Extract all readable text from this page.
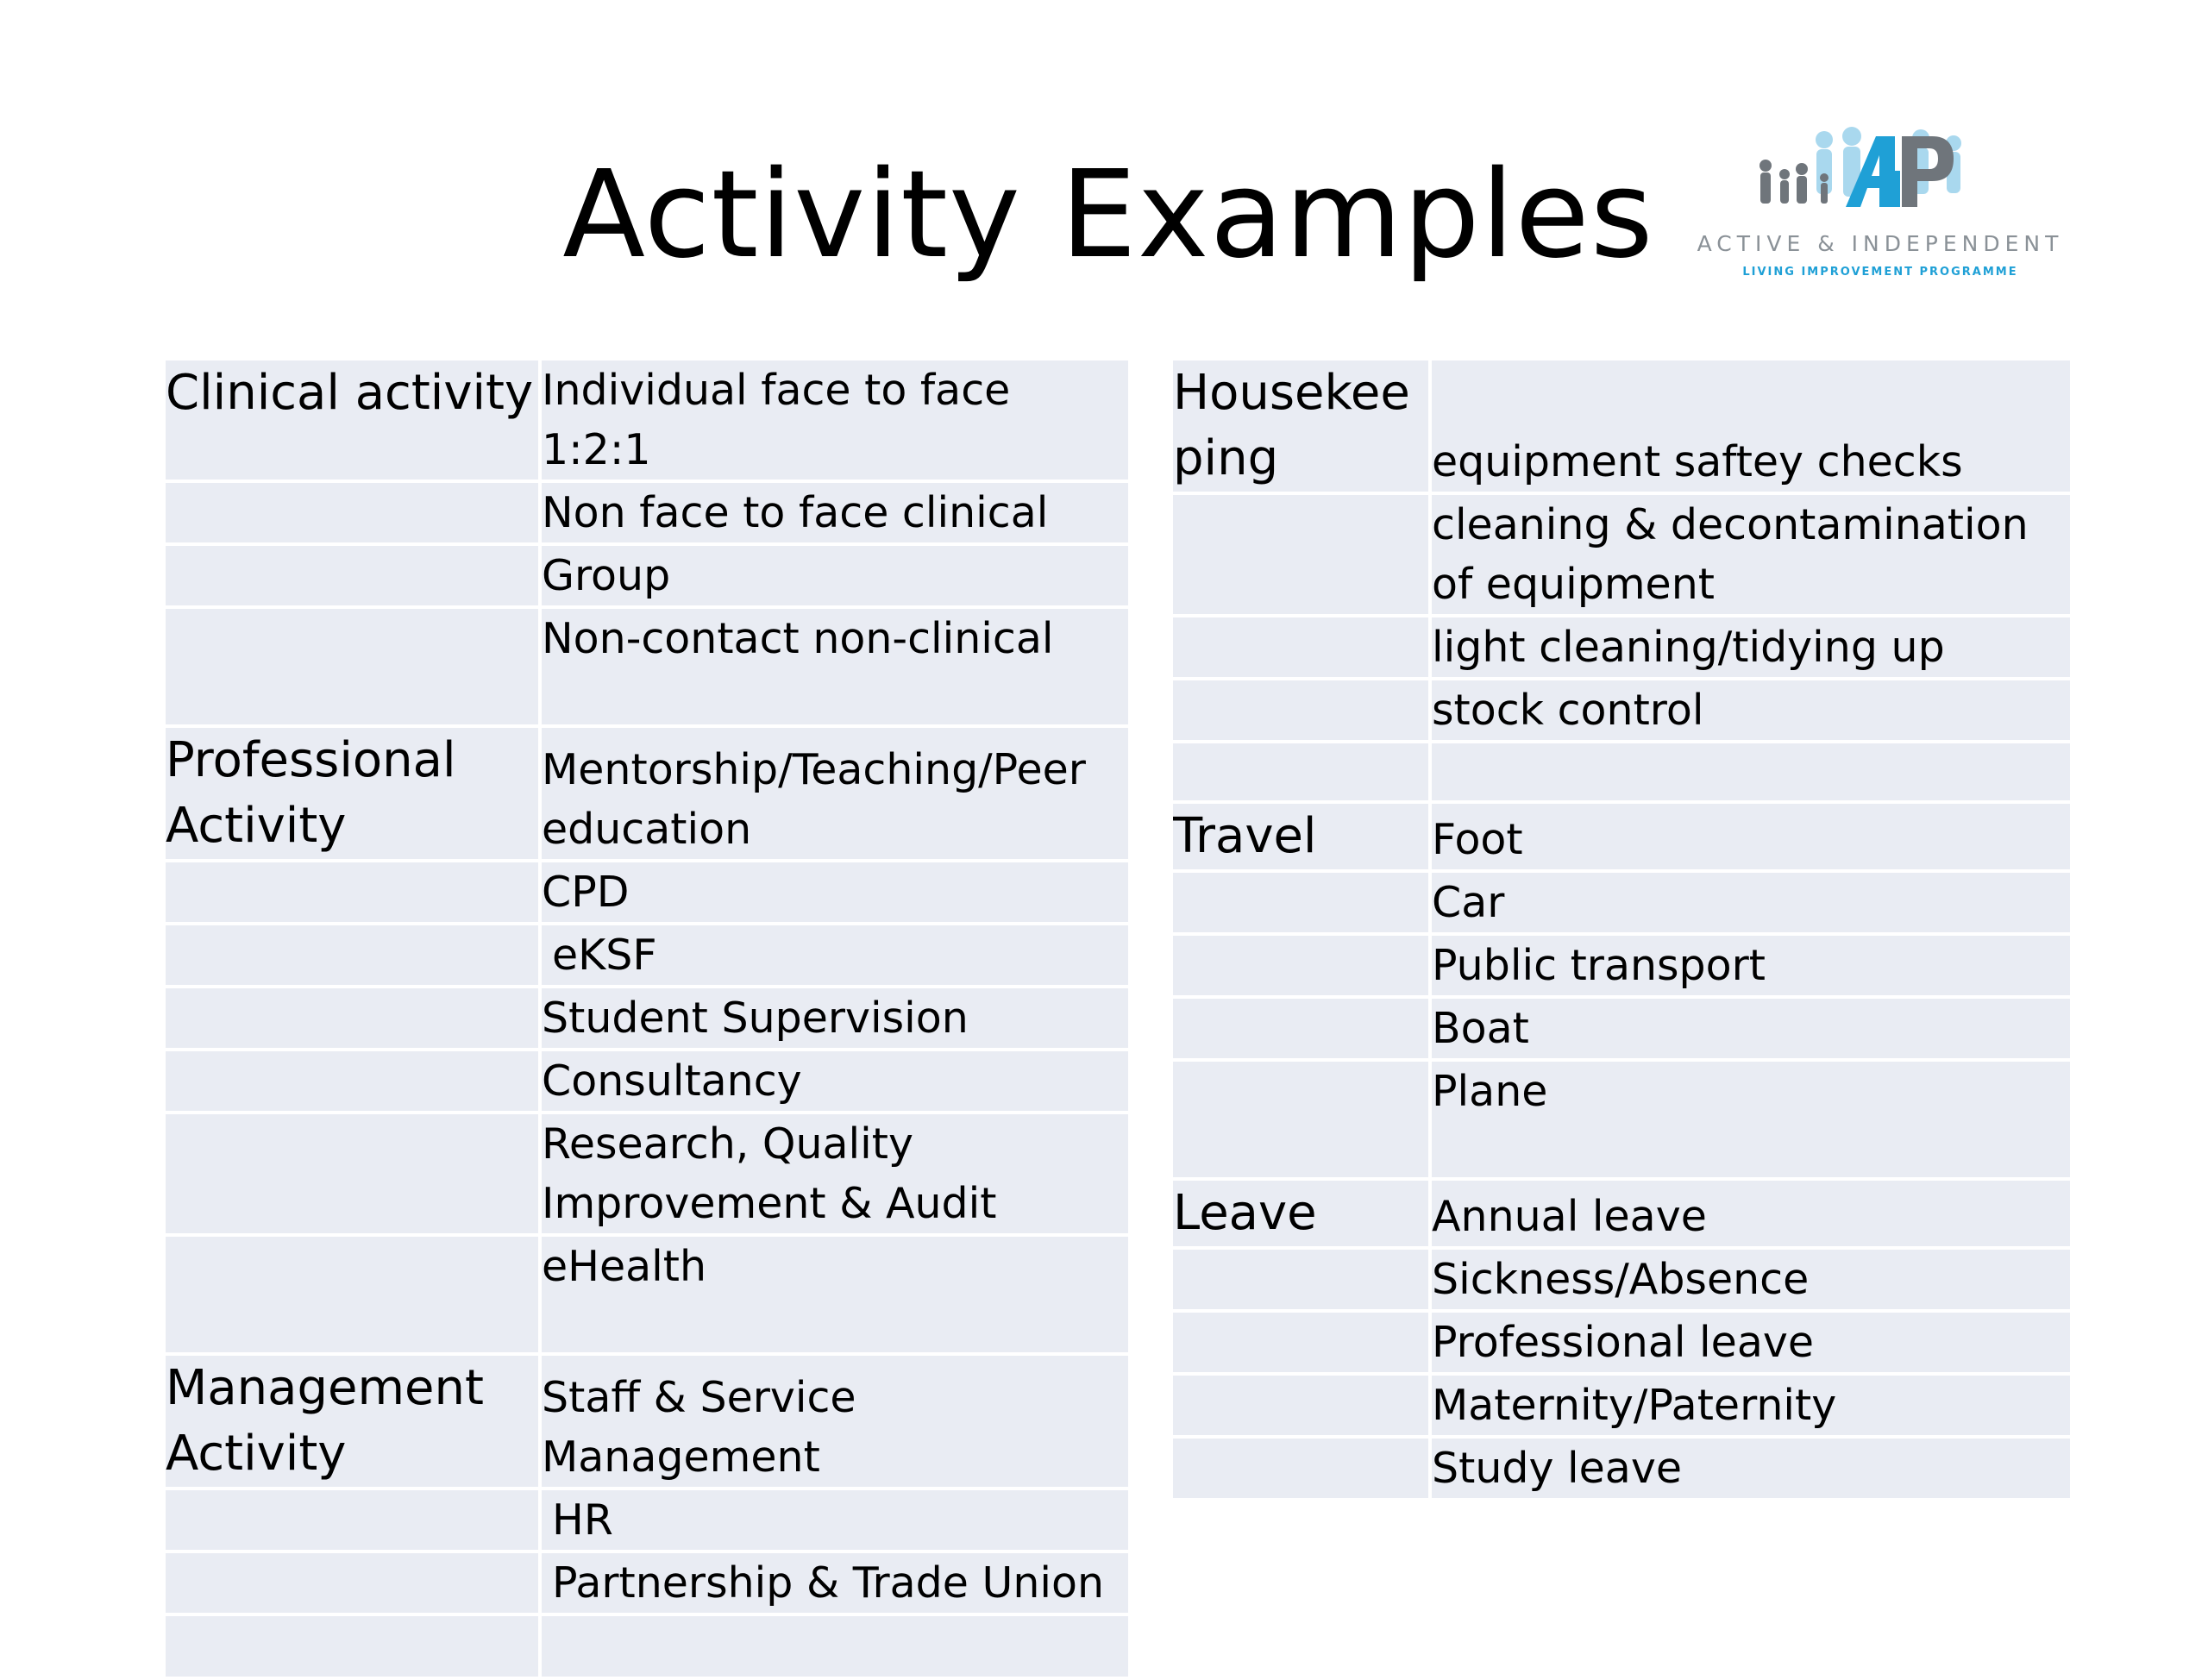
Activity Examples	ACTIVE & INDEPENDENT
LIVING IMPROVEMENT PROGRAMME
Clinical activity	Individual face to face 1:2:1
	Non face to face clinical
	Group
	Non-contact non-clinical
Professional Activity	Mentorship/Teaching/Peer education
	CPD
	eKSF
	Student Supervision
	Consultancy
	Research, Quality Improvement & Audit
	eHealth
Management Activity	Staff & Service Management
	HR
	Partnership & Trade Union

Housekeeping	equipment saftey checks
	cleaning & decontamination of equipment
	light cleaning/tidying up
	stock control

Travel	Foot
	Car
	Public transport
	Boat
	Plane
Leave	Annual leave
	Sickness/Absence
	Professional leave
	Maternity/Paternity
	Study leave
